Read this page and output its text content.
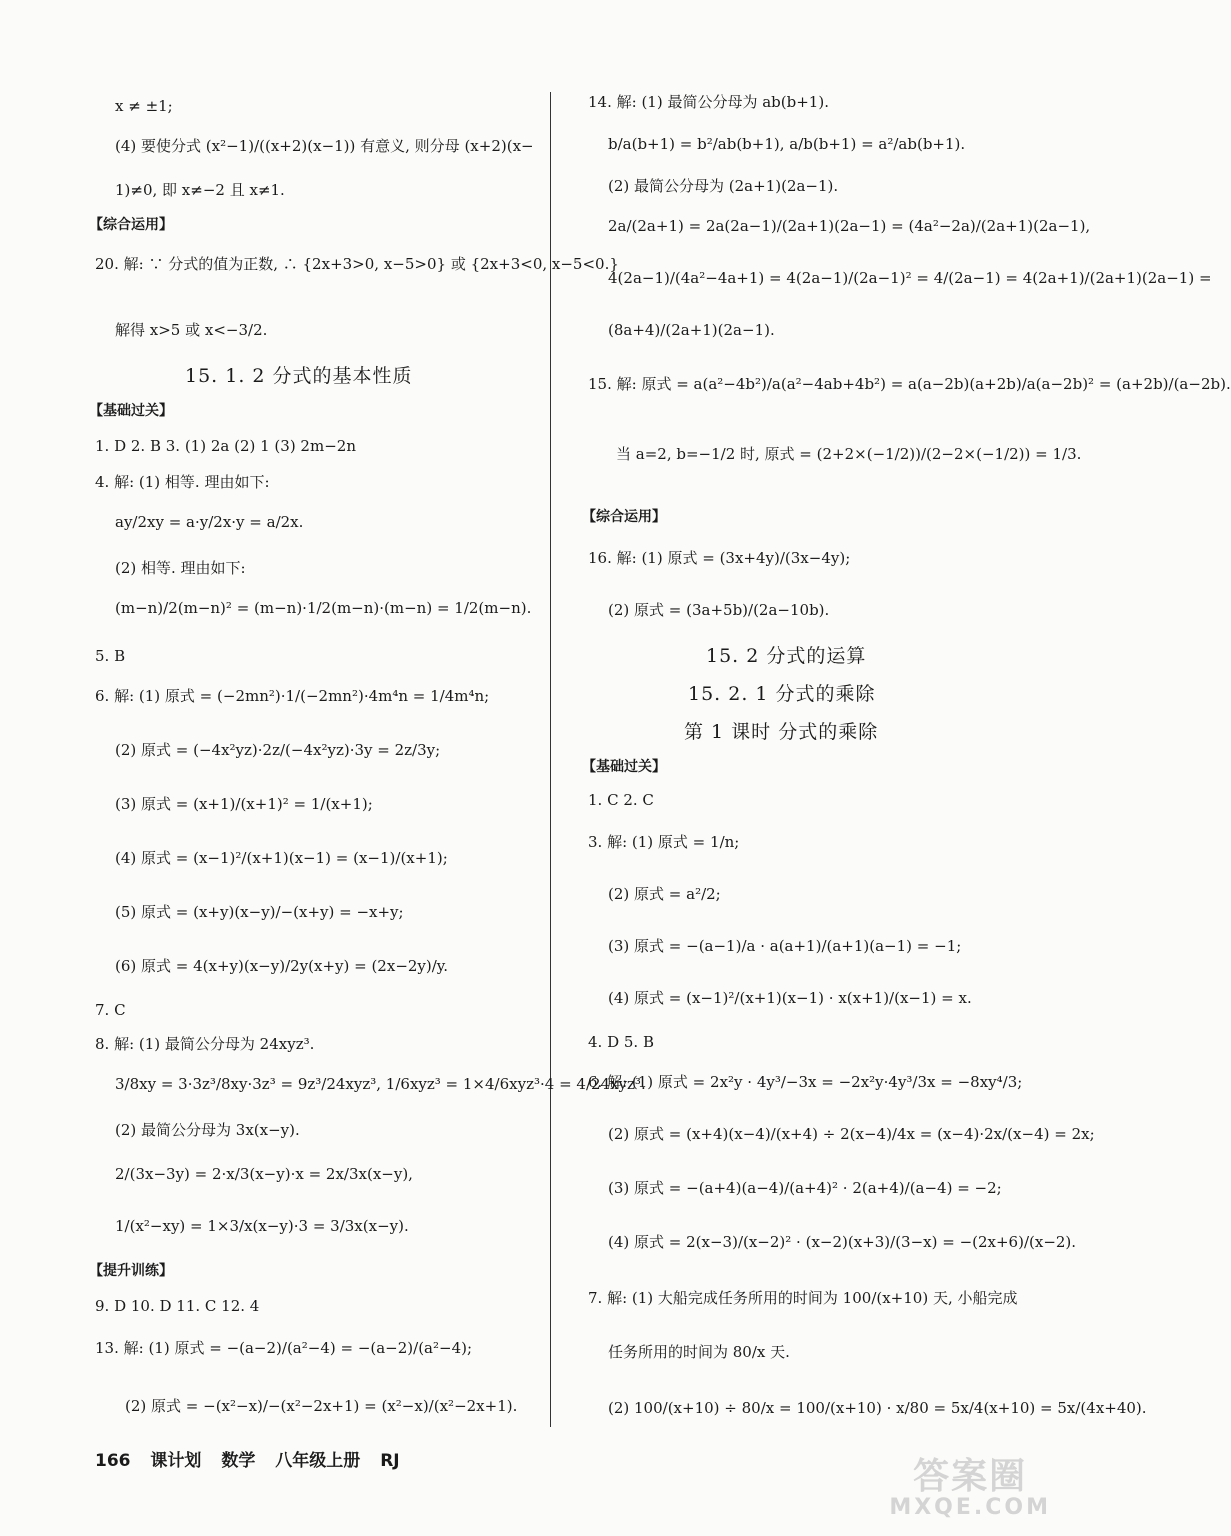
x ≠ ±1;
(4) 要使分式 (x²−1)/((x+2)(x−1)) 有意义, 则分母 (x+2)(x−
1)≠0, 即 x≠−2 且 x≠1.
20. 解: ∵ 分式的值为正数, ∴ {2x+3>0, x−5>0} 或 {2x+3<0, x−5<0.}
解得 x>5 或 x<−3/2.
1. D 2. B 3. (1) 2a (2) 1 (3) 2m−2n
4. 解: (1) 相等. 理由如下:
ay/2xy = a·y/2x·y = a/2x.
(2) 相等. 理由如下:
(m−n)/2(m−n)² = (m−n)·1/2(m−n)·(m−n) = 1/2(m−n).
5. B
6. 解: (1) 原式 = (−2mn²)·1/(−2mn²)·4m⁴n = 1/4m⁴n;
(2) 原式 = (−4x²yz)·2z/(−4x²yz)·3y = 2z/3y;
(3) 原式 = (x+1)/(x+1)² = 1/(x+1);
(4) 原式 = (x−1)²/(x+1)(x−1) = (x−1)/(x+1);
(5) 原式 = (x+y)(x−y)/−(x+y) = −x+y;
(6) 原式 = 4(x+y)(x−y)/2y(x+y) = (2x−2y)/y.
7. C
8. 解: (1) 最简公分母为 24xyz³.
3/8xy = 3·3z³/8xy·3z³ = 9z³/24xyz³, 1/6xyz³ = 1×4/6xyz³·4 = 4/24xyz³.
(2) 最简公分母为 3x(x−y).
2/(3x−3y) = 2·x/3(x−y)·x = 2x/3x(x−y),
1/(x²−xy) = 1×3/x(x−y)·3 = 3/3x(x−y).
9. D 10. D 11. C 12. 4
13. 解: (1) 原式 = −(a−2)/(a²−4) = −(a−2)/(a²−4);
(2) 原式 = −(x²−x)/−(x²−2x+1) = (x²−x)/(x²−2x+1).
【综合运用】
【基础过关】
【提升训练】
15. 1. 2 分式的基本性质
14. 解: (1) 最简公分母为 ab(b+1).
b/a(b+1) = b²/ab(b+1), a/b(b+1) = a²/ab(b+1).
(2) 最简公分母为 (2a+1)(2a−1).
2a/(2a+1) = 2a(2a−1)/(2a+1)(2a−1) = (4a²−2a)/(2a+1)(2a−1),
4(2a−1)/(4a²−4a+1) = 4(2a−1)/(2a−1)² = 4/(2a−1) = 4(2a+1)/(2a+1)(2a−1) =
(8a+4)/(2a+1)(2a−1).
15. 解: 原式 = a(a²−4b²)/a(a²−4ab+4b²) = a(a−2b)(a+2b)/a(a−2b)² = (a+2b)/(a−2b).
当 a=2, b=−1/2 时, 原式 = (2+2×(−1/2))/(2−2×(−1/2)) = 1/3.
16. 解: (1) 原式 = (3x+4y)/(3x−4y);
(2) 原式 = (3a+5b)/(2a−10b).
1. C 2. C
3. 解: (1) 原式 = 1/n;
(2) 原式 = a²/2;
(3) 原式 = −(a−1)/a · a(a+1)/(a+1)(a−1) = −1;
(4) 原式 = (x−1)²/(x+1)(x−1) · x(x+1)/(x−1) = x.
4. D 5. B
6. 解: (1) 原式 = 2x²y · 4y³/−3x = −2x²y·4y³/3x = −8xy⁴/3;
(2) 原式 = (x+4)(x−4)/(x+4) ÷ 2(x−4)/4x = (x−4)·2x/(x−4) = 2x;
(3) 原式 = −(a+4)(a−4)/(a+4)² · 2(a+4)/(a−4) = −2;
(4) 原式 = 2(x−3)/(x−2)² · (x−2)(x+3)/(3−x) = −(2x+6)/(x−2).
7. 解: (1) 大船完成任务所用的时间为 100/(x+10) 天, 小船完成
任务所用的时间为 80/x 天.
(2) 100/(x+10) ÷ 80/x = 100/(x+10) · x/80 = 5x/4(x+10) = 5x/(4x+40).
【综合运用】
【基础过关】
15. 2 分式的运算
15. 2. 1 分式的乘除
第 1 课时 分式的乘除
166 课计划 数学 八年级上册 RJ	答案圈
MXQE.COM
